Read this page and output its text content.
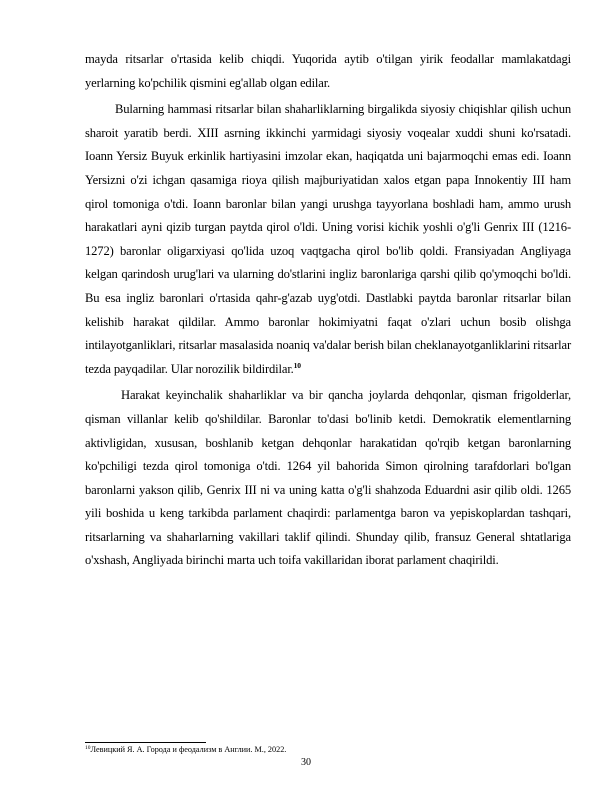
mayda ritsarlar o'rtasida kelib chiqdi. Yuqorida aytib o'tilgan yirik feodallar mamlakatdagi yerlarning ko'pchilik qismini eg'allab olgan edilar.

Bularning hammasi ritsarlar bilan shaharliklarning birgalikda siyosiy chiqishlar qilish uchun sharoit yaratib berdi. XIII asrning ikkinchi yarmidagi siyosiy voqealar xuddi shuni ko'rsatadi. Ioann Yersiz Buyuk erkinlik hartiyasini imzolar ekan, haqiqatda uni bajarmoqchi emas edi. Ioann Yersizni o'zi ichgan qasamiga rioya qilish majburiyatidan xalos etgan papa Innokentiy III ham qirol tomoniga o'tdi. Ioann baronlar bilan yangi urushga tayyorlana boshladi ham, ammo urush harakatlari ayni qizib turgan paytda qirol o'ldi. Uning vorisi kichik yoshli o'g'li Genrix III (1216-1272) baronlar oligarxiyasi qo'lida uzoq vaqtgacha qirol bo'lib qoldi. Fransiyadan Angliyaga kelgan qarindosh urug'lari va ularning do'stlarini ingliz baronlariga qarshi qilib qo'ymoqchi bo'ldi. Bu esa ingliz baronlari o'rtasida qahr-g'azab uyg'otdi. Dastlabki paytda baronlar ritsarlar bilan kelishib harakat qildilar. Ammo baronlar hokimiyatni faqat o'zlari uchun bosib olishga intilayotganliklari, ritsarlar masalasida noaniq va'dalar berish bilan cheklanayotganliklarini ritsarlar tezda payqadilar. Ular norozilik bildirdilar.$^{10}$

Harakat keyinchalik shaharliklar va bir qancha joylarda dehqonlar, qisman frigolderlar, qisman villanlar kelib qo'shildilar. Baronlar to'dasi bo'linib ketdi. Demokratik elementlarning aktivligidan, xususan, boshlanib ketgan dehqonlar harakatidan qo'rqib ketgan baronlarning ko'pchiligi tezda qirol tomoniga o'tdi. 1264 yil bahorida Simon qirolning tarafdorlari bo'lgan baronlarni yakson qilib, Genrix III ni va uning katta o'g'li shahzoda Eduardni asir qilib oldi. 1265 yili boshida u keng tarkibda parlament chaqirdi: parlamentga baron va yepiskoplardan tashqari, ritsarlarning va shaharlarning vakillari taklif qilindi. Shunday qilib, fransuz General shtatlariga o'xshash, Angliyada birinchi marta uch toifa vakillaridan iborat parlament chaqirildi.

$^{10}$Левицкий Я. А. Города и феодализм в Англии. М., 2022.
30
